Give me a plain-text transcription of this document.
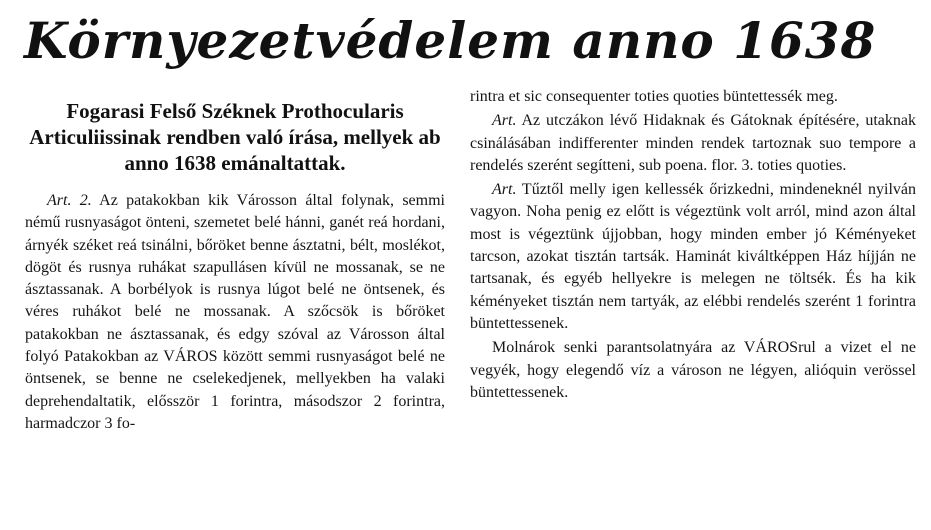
Környezetvédelem anno 1638
Fogarasi Felső Széknek Prothocularis Articuliissinak rendben való írása, mellyek ab anno 1638 emánaltattak.

Art. 2. Az patakokban kik Városson által folynak, semmi némű rusnyaságot önteni, szemetet belé hánni, ganét reá hordani, árnyék széket reá tsinálni, bőröket benne ásztatni, bélt, moslékot, dögöt és rusnya ruhákat szapullásen kívül ne mossanak, se ne ásztassanak. A borbélyok is rusnya lúgot belé ne öntsenek, és véres ruhákot belé ne mossanak. A szőcsök is bőröket patakokban ne ásztassanak, és edgy szóval az Városson által folyó Patakokban az VÁROS között semmi rusnyaságot belé ne öntsenek, se benne ne cselekedjenek, mellyekben ha valaki deprehendaltatik, elősször 1 forintra, másodszor 2 forintra, harmadczor 3 fo-

rintra et sic consequenter toties quoties büntettessék meg.

Art. Az utczákon lévő Hidaknak és Gátoknak építésére, utaknak csinálásában indifferenter minden rendek tartoznak suo tempore a rendelés szerént segítteni, sub poena. flor. 3. toties quoties.

Art. Tűztől melly igen kellessék őrizkedni, mindeneknél nyilván vagyon. Noha penig ez előtt is végeztünk volt arról, mind azon által most is végeztünk újjobban, hogy minden ember jó Kéményeket tarcson, azokat tisztán tartsák. Haminát kiváltképpen Ház híjján ne tartsanak, és egyéb hellyekre is melegen ne töltsék. És ha kik kéményeket tisztán nem tartyák, az elébbi rendelés szerént 1 forintra büntettessenek.

Molnárok senki parantsolatnyára az VÁROSrul a vizet el ne vegyék, hogy elegendő víz a városon ne légyen, alióquin verössel büntettessenek.
